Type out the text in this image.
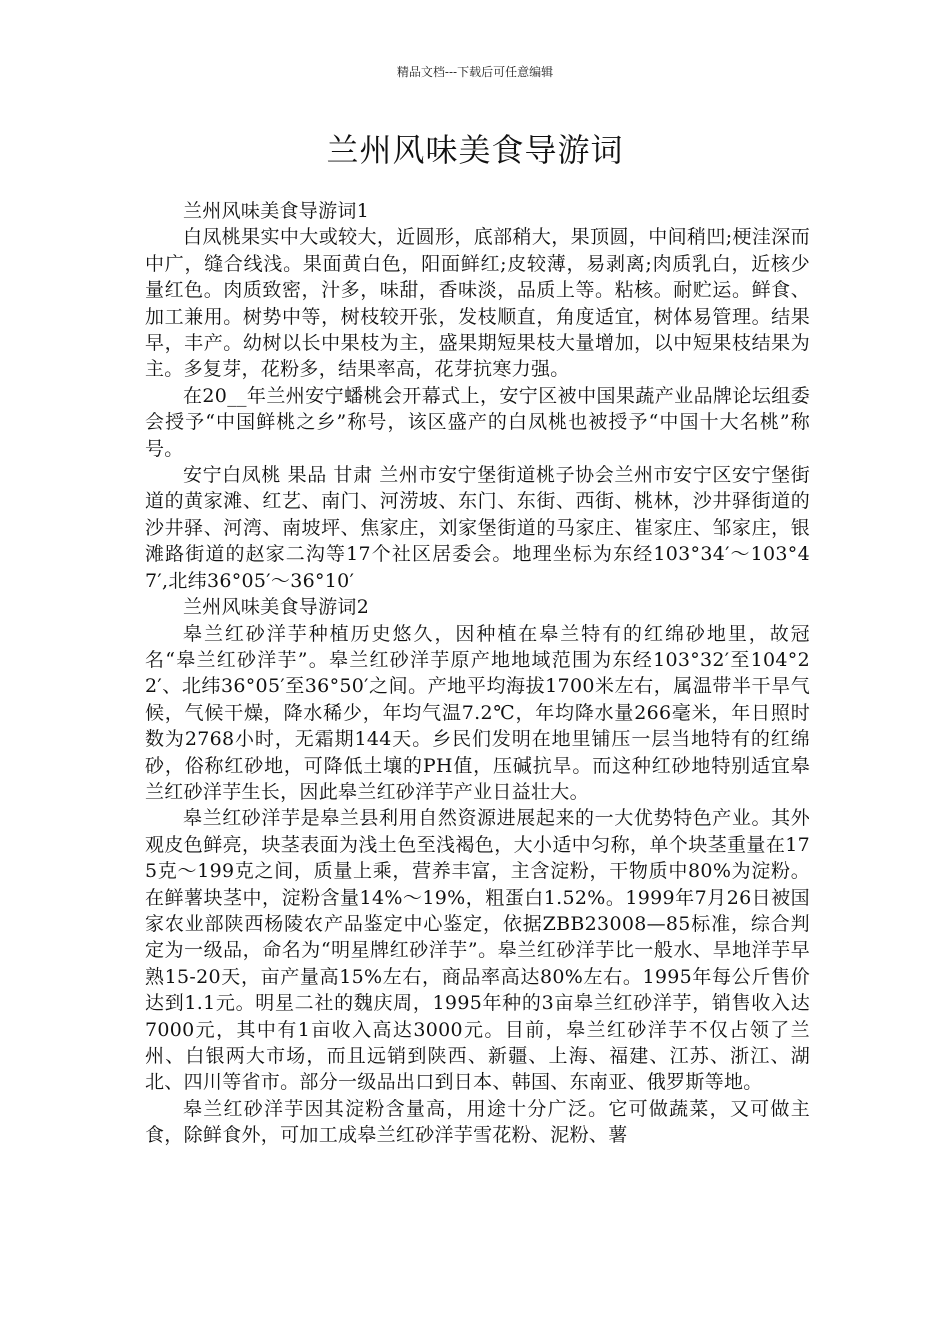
精品文档---下载后可任意编辑
兰州风味美食导游词

兰州风味美食导游词1

白凤桃果实中大或较大，近圆形，底部稍大，果顶圆，中间稍凹;梗洼深而中广，缝合线浅。果面黄白色，阳面鲜红;皮较薄，易剥离;肉质乳白，近核少量红色。肉质致密，汁多，味甜，香味淡，品质上等。粘核。耐贮运。鲜食、加工兼用。树势中等，树枝较开张，发枝顺直，角度适宜，树体易管理。结果早，丰产。幼树以长中果枝为主，盛果期短果枝大量增加，以中短果枝结果为主。多复芽，花粉多，结果率高，花芽抗寒力强。

在20__年兰州安宁蟠桃会开幕式上，安宁区被中国果蔬产业品牌论坛组委会授予“中国鲜桃之乡”称号，该区盛产的白凤桃也被授予“中国十大名桃”称号。

安宁白凤桃 果品 甘肃 兰州市安宁堡街道桃子协会兰州市安宁区安宁堡街道的黄家滩、红艺、南门、河涝坡、东门、东街、西街、桃林，沙井驿街道的沙井驿、河湾、南坡坪、焦家庄，刘家堡街道的马家庄、崔家庄、邹家庄，银滩路街道的赵家二沟等17个社区居委会。地理坐标为东经103°34′～103°47′,北纬36°05′～36°10′

兰州风味美食导游词2

皋兰红砂洋芋种植历史悠久，因种植在皋兰特有的红绵砂地里，故冠名“皋兰红砂洋芋”。皋兰红砂洋芋原产地地域范围为东经103°32′至104°22′、北纬36°05′至36°50′之间。产地平均海拔1700米左右，属温带半干旱气候，气候干燥，降水稀少，年均气温7.2℃，年均降水量266毫米，年日照时数为2768小时，无霜期144天。乡民们发明在地里铺压一层当地特有的红绵砂，俗称红砂地，可降低土壤的PH值，压碱抗旱。而这种红砂地特别适宜皋兰红砂洋芋生长，因此皋兰红砂洋芋产业日益壮大。

皋兰红砂洋芋是皋兰县利用自然资源进展起来的一大优势特色产业。其外观皮色鲜亮，块茎表面为浅土色至浅褐色，大小适中匀称，单个块茎重量在175克～199克之间，质量上乘，营养丰富，主含淀粉，干物质中80%为淀粉。在鲜薯块茎中，淀粉含量14%～19%，粗蛋白1.52%。1999年7月26日被国家农业部陕西杨陵农产品鉴定中心鉴定，依据ZBB23008—85标准，综合判定为一级品，命名为“明星牌红砂洋芋”。皋兰红砂洋芋比一般水、旱地洋芋早熟15-20天，亩产量高15%左右，商品率高达80%左右。1995年每公斤售价达到1.1元。明星二社的魏庆周，1995年种的3亩皋兰红砂洋芋，销售收入达7000元，其中有1亩收入高达3000元。目前，皋兰红砂洋芋不仅占领了兰州、白银两大市场，而且远销到陕西、新疆、上海、福建、江苏、浙江、湖北、四川等省市。部分一级品出口到日本、韩国、东南亚、俄罗斯等地。

皋兰红砂洋芋因其淀粉含量高，用途十分广泛。它可做蔬菜，又可做主食，除鲜食外，可加工成皋兰红砂洋芋雪花粉、泥粉、薯
